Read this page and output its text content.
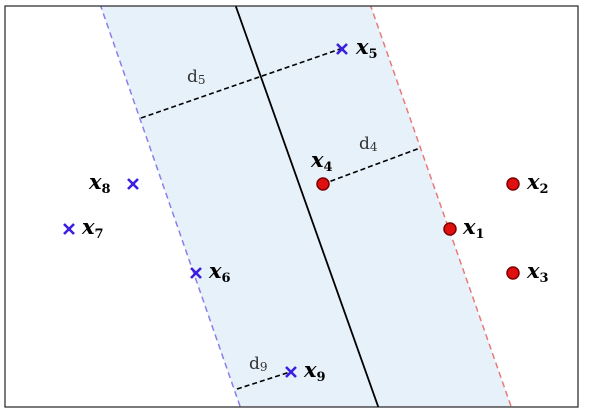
d5
d4
d9
x1
x2
x3
x4
x5
x6
x7
x8
x9
